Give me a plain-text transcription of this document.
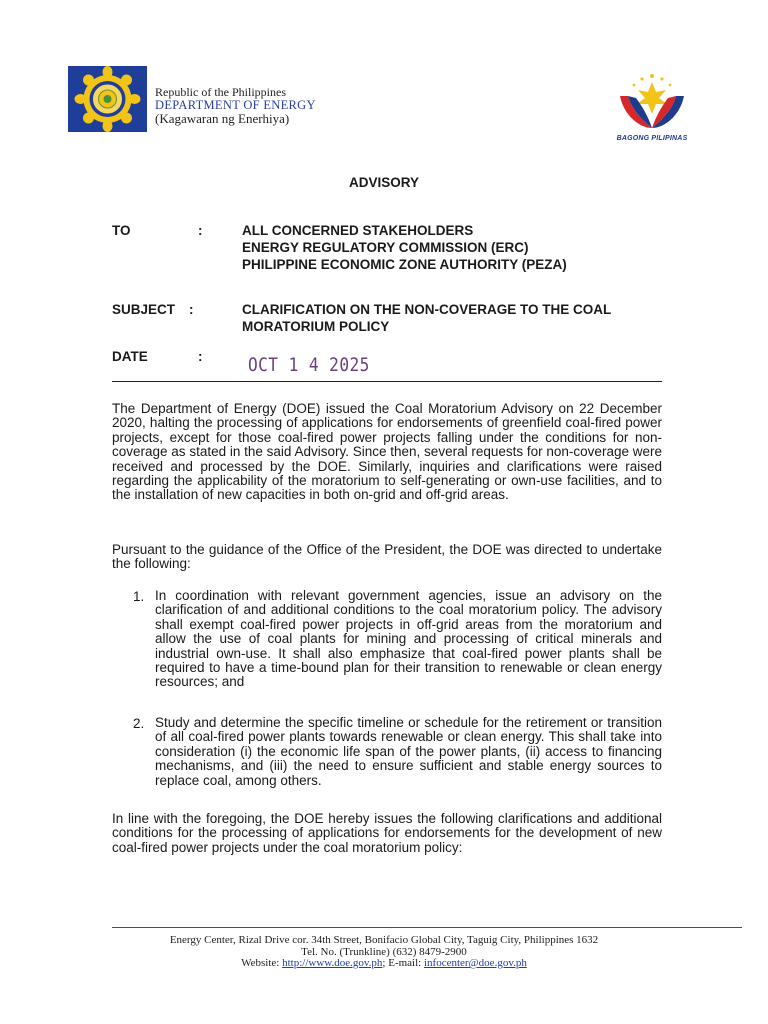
Republic of the Philippines
DEPARTMENT OF ENERGY
(Kagawaran ng Enerhiya)
BAGONG PILIPINAS
ADVISORY
TO	:	ALL CONCERNED STAKEHOLDERS
ENERGY REGULATORY COMMISSION (ERC)
PHILIPPINE ECONOMIC ZONE AUTHORITY (PEZA)
SUBJECT :	CLARIFICATION ON THE NON-COVERAGE TO THE COAL
MORATORIUM POLICY
DATE	: OCT 1 4 2025
The Department of Energy (DOE) issued the Coal Moratorium Advisory on 22 December 2020, halting the processing of applications for endorsements of greenfield coal-fired power projects, except for those coal-fired power projects falling under the conditions for non-coverage as stated in the said Advisory. Since then, several requests for non-coverage were received and processed by the DOE. Similarly, inquiries and clarifications were raised regarding the applicability of the moratorium to self-generating or own-use facilities, and to the installation of new capacities in both on-grid and off-grid areas.
Pursuant to the guidance of the Office of the President, the DOE was directed to undertake the following:
1. In coordination with relevant government agencies, issue an advisory on the clarification of and additional conditions to the coal moratorium policy. The advisory shall exempt coal-fired power projects in off-grid areas from the moratorium and allow the use of coal plants for mining and processing of critical minerals and industrial own-use. It shall also emphasize that coal-fired power plants shall be required to have a time-bound plan for their transition to renewable or clean energy resources; and
2. Study and determine the specific timeline or schedule for the retirement or transition of all coal-fired power plants towards renewable or clean energy. This shall take into consideration (i) the economic life span of the power plants, (ii) access to financing mechanisms, and (iii) the need to ensure sufficient and stable energy sources to replace coal, among others.
In line with the foregoing, the DOE hereby issues the following clarifications and additional conditions for the processing of applications for endorsements for the development of new coal-fired power projects under the coal moratorium policy:
Energy Center, Rizal Drive cor. 34th Street, Bonifacio Global City, Taguig City, Philippines 1632
Tel. No. (Trunkline) (632) 8479-2900
Website: http://www.doe.gov.ph; E-mail: infocenter@doe.gov.ph
